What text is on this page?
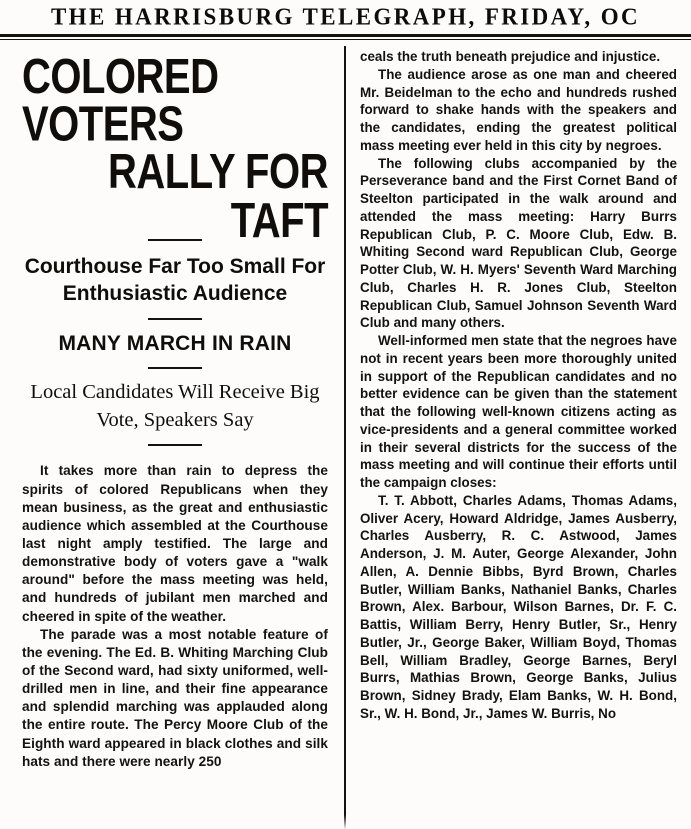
THE HARRISBURG TELEGRAPH, FRIDAY, OC
COLORED VOTERS
RALLY FOR TAFT
Courthouse Far Too Small For Enthusiastic Audience
MANY MARCH IN RAIN
Local Candidates Will Receive Big Vote, Speakers Say

It takes more than rain to depress the spirits of colored Republicans when they mean business, as the great and enthusiastic audience which assembled at the Courthouse last night amply testified. The large and demonstrative body of voters gave a "walk around" before the mass meeting was held, and hundreds of jubilant men marched and cheered in spite of the weather.

The parade was a most notable feature of the evening. The Ed. B. Whiting Marching Club of the Second ward, had sixty uniformed, well-drilled men in line, and their fine appearance and splendid marching was applauded along the entire route. The Percy Moore Club of the Eighth ward appeared in black clothes and silk hats and there were nearly 250

ceals the truth beneath prejudice and injustice.

The audience arose as one man and cheered Mr. Beidelman to the echo and hundreds rushed forward to shake hands with the speakers and the candidates, ending the greatest political mass meeting ever held in this city by negroes.

The following clubs accompanied by the Perseverance band and the First Cornet Band of Steelton participated in the walk around and attended the mass meeting: Harry Burrs Republican Club, P. C. Moore Club, Edw. B. Whiting Second ward Republican Club, George Potter Club, W. H. Myers' Seventh Ward Marching Club, Charles H. R. Jones Club, Steelton Republican Club, Samuel Johnson Seventh Ward Club and many others.

Well-informed men state that the negroes have not in recent years been more thoroughly united in support of the Republican candidates and no better evidence can be given than the statement that the following well-known citizens acting as vice-presidents and a general committee worked in their several districts for the success of the mass meeting and will continue their efforts until the campaign closes:

T. T. Abbott, Charles Adams, Thomas Adams, Oliver Acery, Howard Aldridge, James Ausberry, Charles Ausberry, R. C. Astwood, James Anderson, J. M. Auter, George Alexander, John Allen, A. Dennie Bibbs, Byrd Brown, Charles Butler, William Banks, Nathaniel Banks, Charles Brown, Alex. Barbour, Wilson Barnes, Dr. F. C. Battis, William Berry, Henry Butler, Sr., Henry Butler, Jr., George Baker, William Boyd, Thomas Bell, William Bradley, George Barnes, Beryl Burrs, Mathias Brown, George Banks, Julius Brown, Sidney Brady, Elam Banks, W. H. Bond, Sr., W. H. Bond, Jr., James W. Burris, No
